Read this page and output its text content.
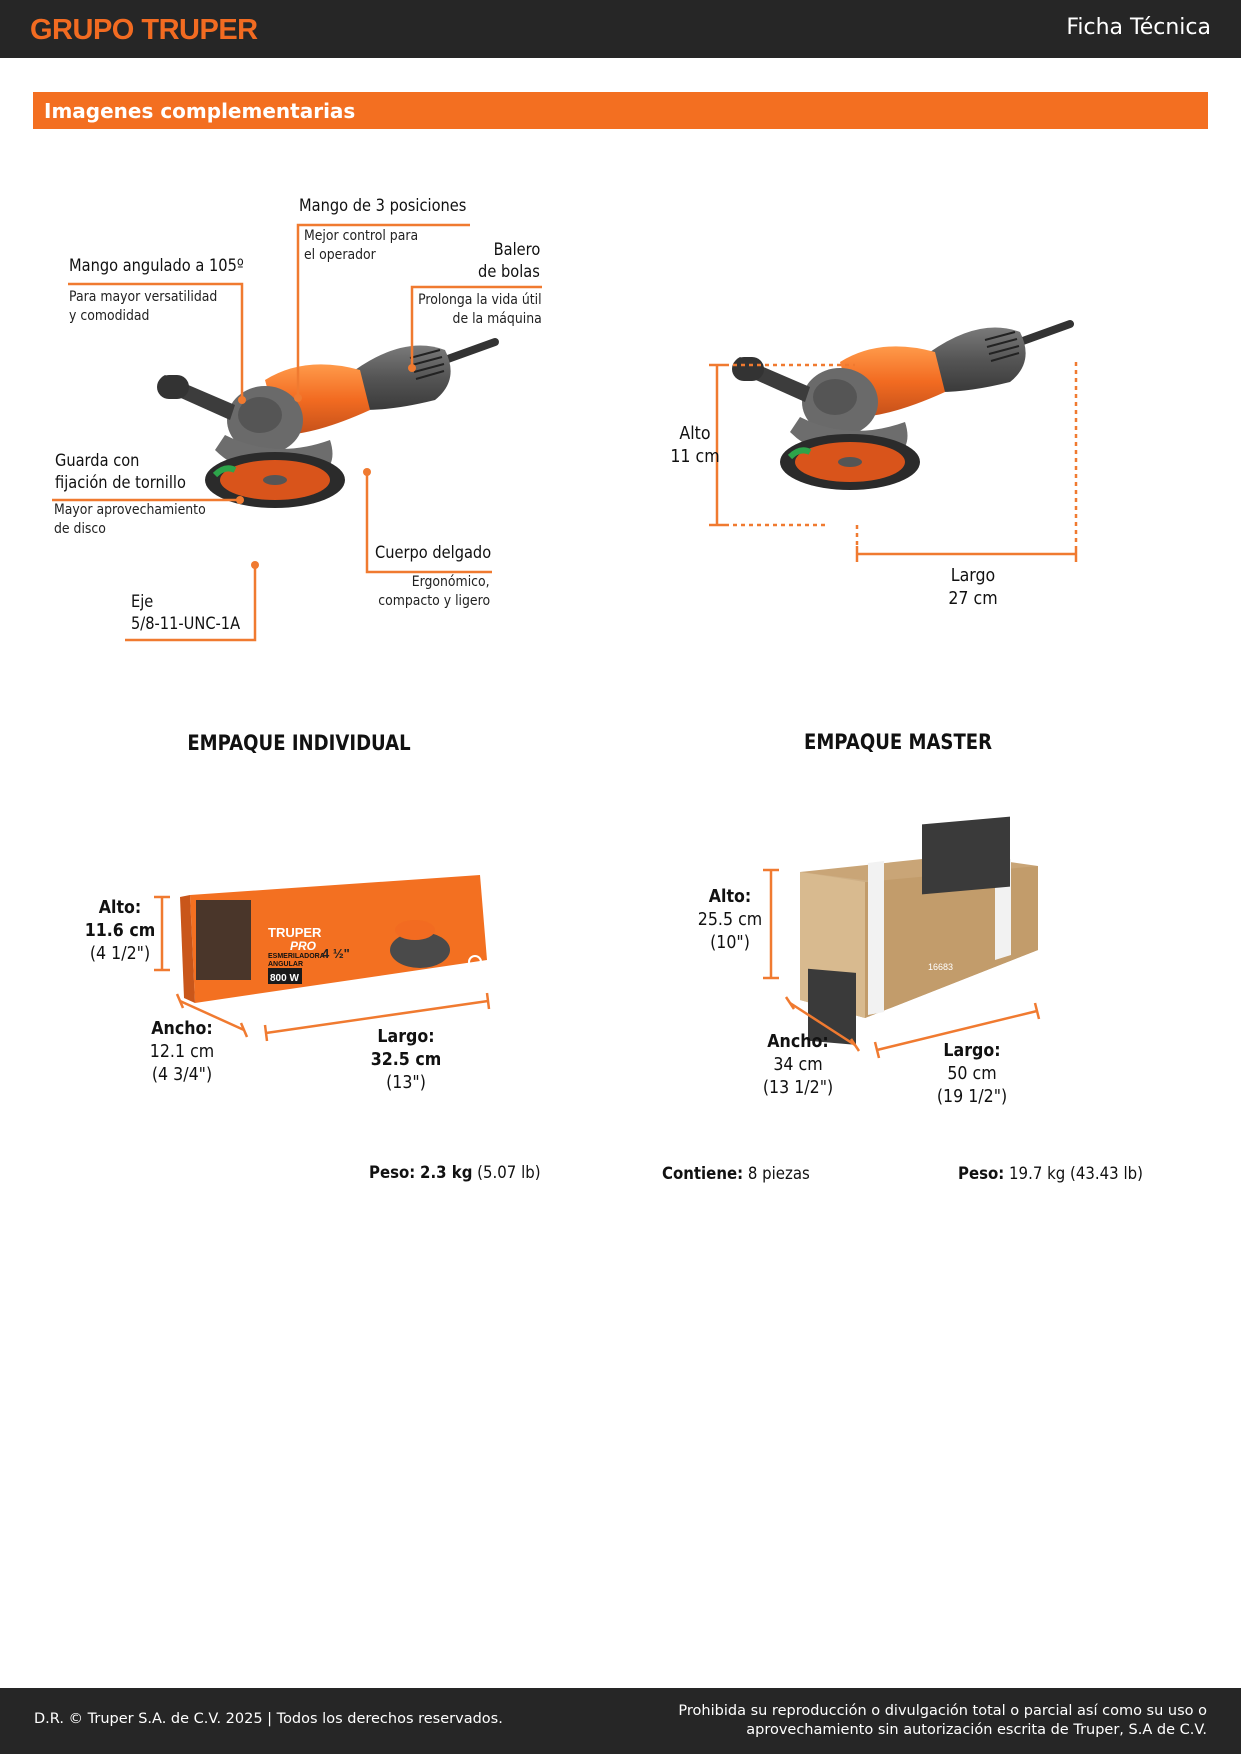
GRUPO TRUPER	Ficha Técnica
Imagenes complementarias
TRUPER
PRO
ESMERILADORA
ANGULAR
800 W
4 ½"
16683
Mango de 3 posiciones
Mejor control para
el operador
Mango angulado a 105º
Para mayor versatilidad
y comodidad
Balero
de bolas
Prolonga la vida útil
de la máquina
Guarda con
fijación de tornillo
Mayor aprovechamiento
de disco
Cuerpo delgado
Ergonómico,
compacto y ligero
Eje
5/8-11-UNC-1A
Alto
11 cm
Largo
27 cm
EMPAQUE INDIVIDUAL	EMPAQUE MASTER
Alto:
11.6 cm
(4 1/2")
Ancho:
12.1 cm
(4 3/4")
Largo:
32.5 cm
(13")
Alto:
25.5 cm
(10")
Ancho:
34 cm
(13 1/2")
Largo:
50 cm
(19 1/2")
Peso: 2.3 kg (5.07 lb)	Contiene: 8 piezas	Peso: 19.7 kg (43.43 lb)
D.R. © Truper S.A. de C.V. 2025 | Todos los derechos reservados.	Prohibida su reproducción o divulgación total o parcial así como su uso o
aprovechamiento sin autorización escrita de Truper, S.A de C.V.
